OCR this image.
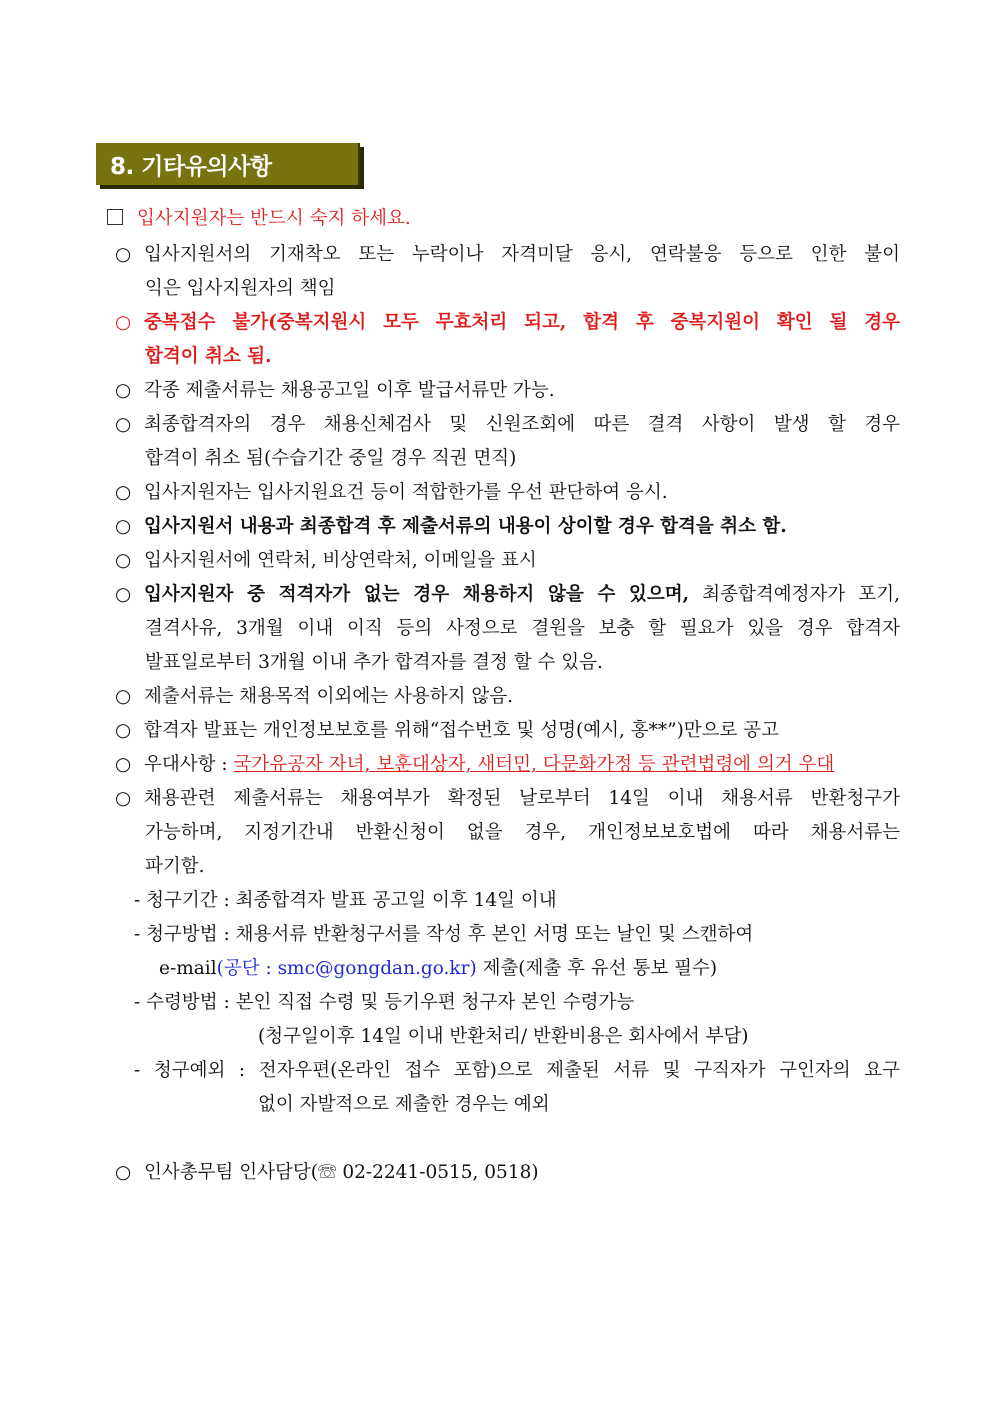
8. 기타유의사항
입사지원자는 반드시 숙지 하세요.
○ 입사지원서의 기재착오 또는 누락이나 자격미달 응시, 연락불응 등으로 인한 불이
익은 입사지원자의 책임
○ 중복접수 불가(중복지원시 모두 무효처리 되고, 합격 후 중복지원이 확인 될 경우
합격이 취소 됨.
○ 각종 제출서류는 채용공고일 이후 발급서류만 가능.
○ 최종합격자의 경우 채용신체검사 및 신원조회에 따른 결격 사항이 발생 할 경우
합격이 취소 됨(수습기간 중일 경우 직권 면직)
○ 입사지원자는 입사지원요건 등이 적합한가를 우선 판단하여 응시.
○ 입사지원서 내용과 최종합격 후 제출서류의 내용이 상이할 경우 합격을 취소 함.
○ 입사지원서에 연락처, 비상연락처, 이메일을 표시
○ 입사지원자 중 적격자가 없는 경우 채용하지 않을 수 있으며, 최종합격예정자가 포기,
결격사유, 3개월 이내 이직 등의 사정으로 결원을 보충 할 필요가 있을 경우 합격자
발표일로부터 3개월 이내 추가 합격자를 결정 할 수 있음.
○ 제출서류는 채용목적 이외에는 사용하지 않음.
○ 합격자 발표는 개인정보보호를 위해“접수번호 및 성명(예시, 홍**”)만으로 공고
○ 우대사항 : 국가유공자 자녀, 보훈대상자, 새터민, 다문화가정 등 관련법령에 의거 우대
○ 채용관련 제출서류는 채용여부가 확정된 날로부터 14일 이내 채용서류 반환청구가
가능하며, 지정기간내 반환신청이 없을 경우, 개인정보보호법에 따라 채용서류는
파기함.
- 청구기간 : 최종합격자 발표 공고일 이후 14일 이내
- 청구방법 : 채용서류 반환청구서를 작성 후 본인 서명 또는 날인 및 스캔하여
e-mail(공단 : smc@gongdan.go.kr) 제출(제출 후 유선 통보 필수)
- 수령방법 : 본인 직접 수령 및 등기우편 청구자 본인 수령가능
(청구일이후 14일 이내 반환처리/ 반환비용은 회사에서 부담)
- 청구예외 : 전자우편(온라인 접수 포함)으로 제출된 서류 및 구직자가 구인자의 요구
없이 자발적으로 제출한 경우는 예외
○ 인사총무팀 인사담당(☏ 02-2241-0515, 0518)
